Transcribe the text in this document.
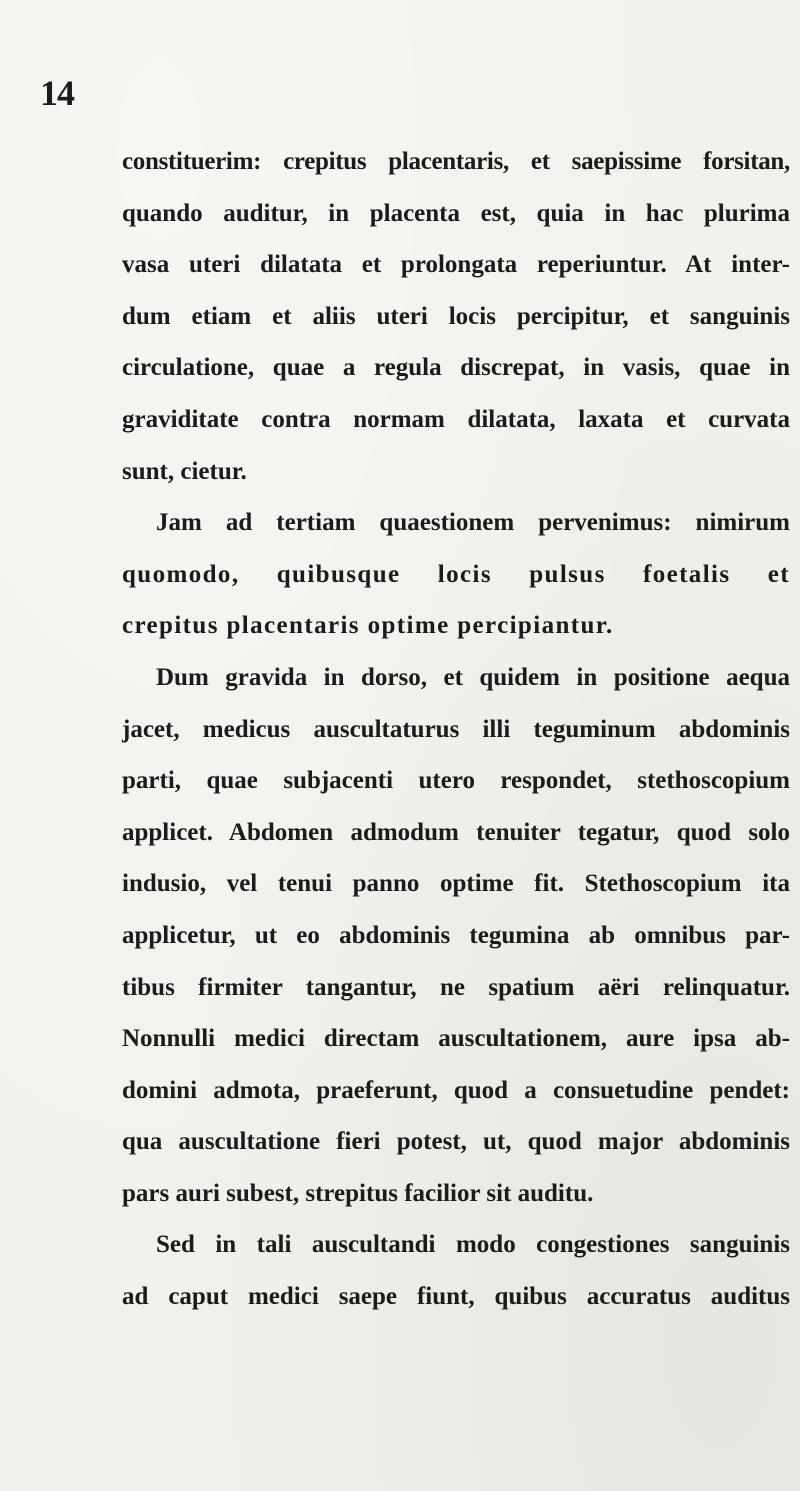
14
constituerim: crepitus placentaris, et saepissime forsitan,
quando auditur, in placenta est, quia in hac plurima
vasa uteri dilatata et prolongata reperiuntur. At inter-
dum etiam et aliis uteri locis percipitur, et sanguinis
circulatione, quae a regula discrepat, in vasis, quae in
graviditate contra normam dilatata, laxata et curvata
sunt, cietur.
Jam ad tertiam quaestionem pervenimus: nimirum
quomodo, quibusque locis pulsus foetalis et
crepitus placentaris optime percipiantur.
Dum gravida in dorso, et quidem in positione aequa
jacet, medicus auscultaturus illi teguminum abdominis
parti, quae subjacenti utero respondet, stethoscopium
applicet. Abdomen admodum tenuiter tegatur, quod solo
indusio, vel tenui panno optime fit. Stethoscopium ita
applicetur, ut eo abdominis tegumina ab omnibus par-
tibus firmiter tangantur, ne spatium aëri relinquatur.
Nonnulli medici directam auscultationem, aure ipsa ab-
domini admota, praeferunt, quod a consuetudine pendet:
qua auscultatione fieri potest, ut, quod major abdominis
pars auri subest, strepitus facilior sit auditu.
Sed in tali auscultandi modo congestiones sanguinis
ad caput medici saepe fiunt, quibus accuratus auditus
